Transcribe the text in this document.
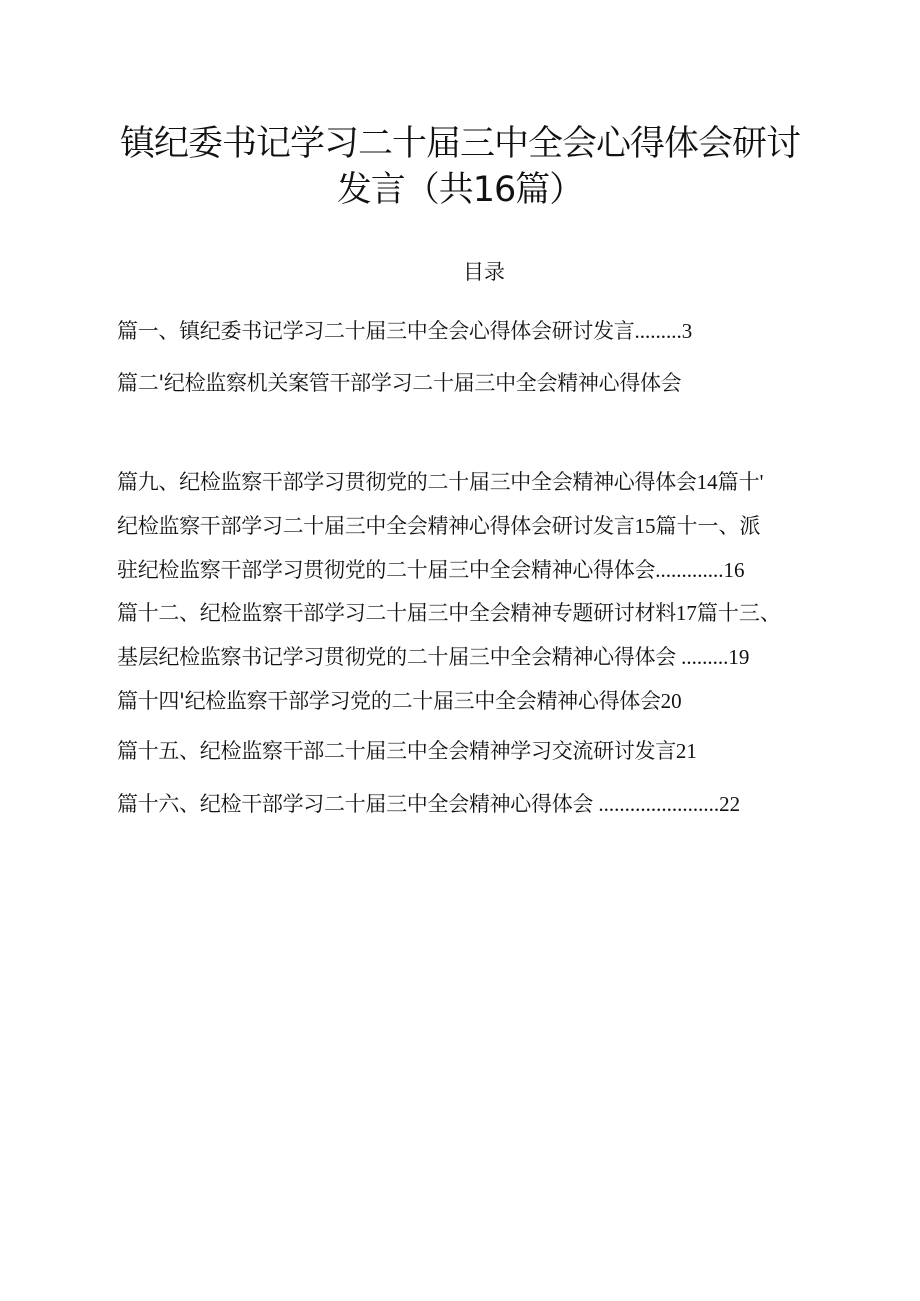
镇纪委书记学习二十届三中全会心得体会研讨
发言（共16篇）
目录
篇一、镇纪委书记学习二十届三中全会心得体会研讨发言.........3
篇二'纪检监察机关案管干部学习二十届三中全会精神心得体会
篇九、纪检监察干部学习贯彻党的二十届三中全会精神心得体会14篇十'
纪检监察干部学习二十届三中全会精神心得体会研讨发言15篇十一、派
驻纪检监察干部学习贯彻党的二十届三中全会精神心得体会.............16
篇十二、纪检监察干部学习二十届三中全会精神专题研讨材料17篇十三、
基层纪检监察书记学习贯彻党的二十届三中全会精神心得体会 .........19
篇十四'纪检监察干部学习党的二十届三中全会精神心得体会20
篇十五、纪检监察干部二十届三中全会精神学习交流研讨发言21
篇十六、纪检干部学习二十届三中全会精神心得体会 .......................22
